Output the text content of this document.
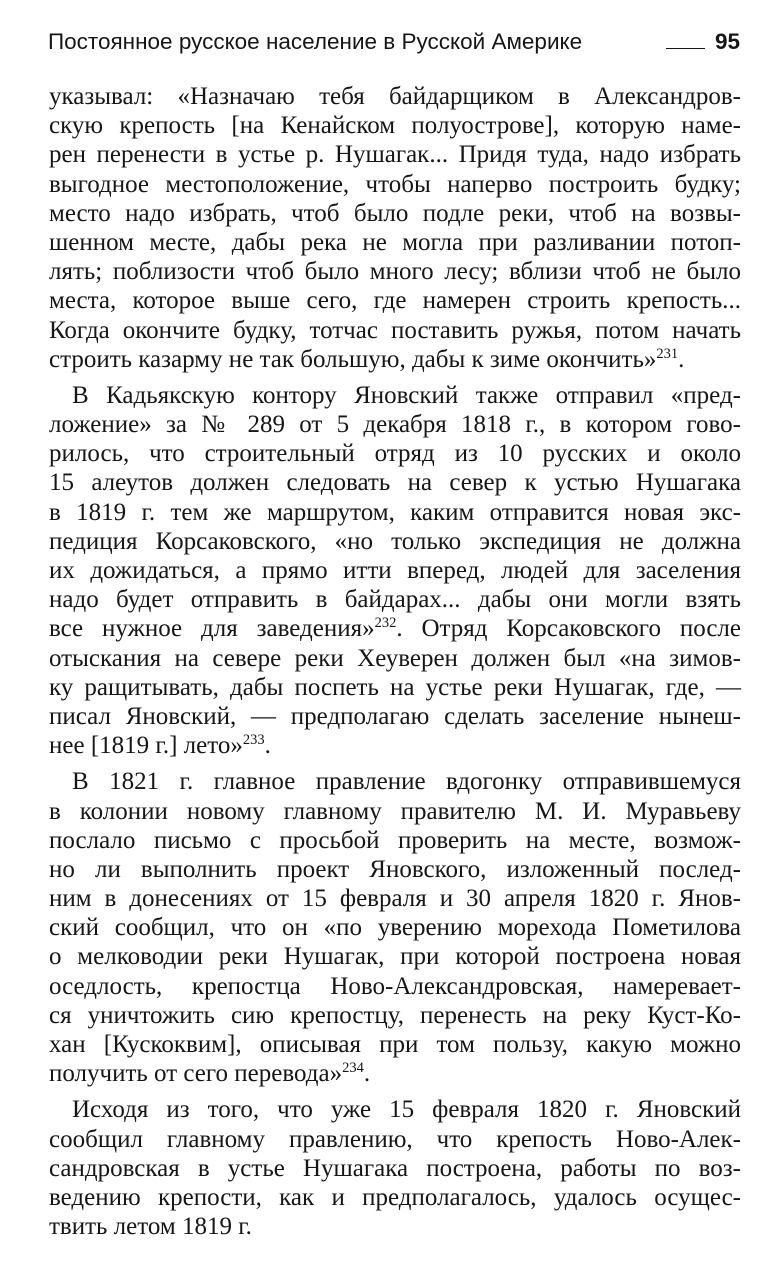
Постоянное русское население в Русской Америке	95
указывал: «Назначаю тебя байдарщиком в Александров-
скую крепость [на Кенайском полуострове], которую наме-
рен перенести в устье р. Нушагак... Придя туда, надо избрать
выгодное местоположение, чтобы наперво построить будку;
место надо избрать, чтоб было подле реки, чтоб на возвы-
шенном месте, дабы река не могла при разливании потоп-
лять; поблизости чтоб было много лесу; вблизи чтоб не было
места, которое выше сего, где намерен строить крепость...
Когда окончите будку, тотчас поставить ружья, потом начать
строить казарму не так большую, дабы к зиме окончить»$^{231}$.
В Кадьякскую контору Яновский также отправил «пред-
ложение» за № 289 от 5 декабря 1818 г., в котором гово-
рилось, что строительный отряд из 10 русских и около
15 алеутов должен следовать на север к устью Нушагака
в 1819 г. тем же маршрутом, каким отправится новая экс-
педиция Корсаковского, «но только экспедиция не должна
их дожидаться, а прямо итти вперед, людей для заселения
надо будет отправить в байдарах... дабы они могли взять
все нужное для заведения»$^{232}$. Отряд Корсаковского после
отыскания на севере реки Хеуверен должен был «на зимов-
ку ращитывать, дабы поспеть на устье реки Нушагак, где, —
писал Яновский, — предполагаю сделать заселение нынеш-
нее [1819 г.] лето»$^{233}$.
В 1821 г. главное правление вдогонку отправившемуся
в колонии новому главному правителю М. И. Муравьеву
послало письмо с просьбой проверить на месте, возмож-
но ли выполнить проект Яновского, изложенный послед-
ним в донесениях от 15 февраля и 30 апреля 1820 г. Янов-
ский сообщил, что он «по уверению морехода Пометилова
о мелководии реки Нушагак, при которой построена новая
оседлость, крепостца Ново-Александровская, намеревает-
ся уничтожить сию крепостцу, перенесть на реку Куст-Ко-
хан [Кускоквим], описывая при том пользу, какую можно
получить от сего перевода»$^{234}$.
Исходя из того, что уже 15 февраля 1820 г. Яновский
сообщил главному правлению, что крепость Ново-Алек-
сандровская в устье Нушагака построена, работы по воз-
ведению крепости, как и предполагалось, удалось осущес-
твить летом 1819 г.
